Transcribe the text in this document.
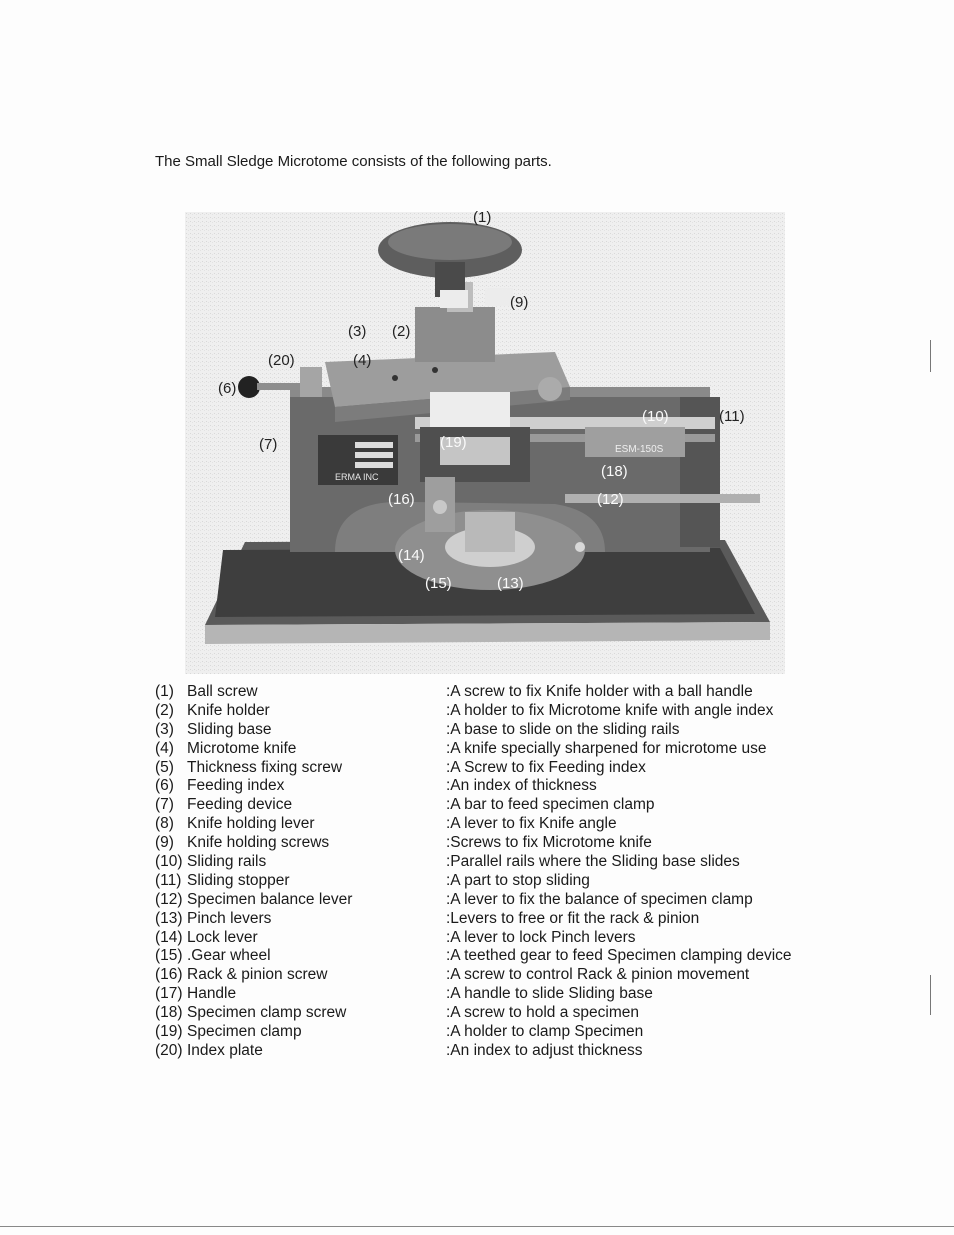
The Small Sledge Microtome consists of the following parts.
ERMA INC
ESM-150S
(1)
(9)
(3) (2)
(20)	(4)
(6)
(10)	(11)
(7)	(19)
(18)
(16)	(12)
(14)
(15)	(13)
(1) Ball screw	:A screw to fix Knife holder with a ball handle
(2) Knife holder	:A holder to fix Microtome knife with angle index
(3) Sliding base	:A base to slide on the sliding rails
(4) Microtome knife	:A knife specially sharpened for microtome use
(5) Thickness fixing screw	:A Screw to fix Feeding index
(6) Feeding index	:An index of thickness
(7) Feeding device	:A bar to feed specimen clamp
(8) Knife holding lever	:A lever to fix Knife angle
(9) Knife holding screws	:Screws to fix Microtome knife
(10) Sliding rails	:Parallel rails where the Sliding base slides
(11) Sliding stopper	:A part to stop sliding
(12) Specimen balance lever	:A lever to fix the balance of specimen clamp
(13) Pinch levers	:Levers to free or fit the rack & pinion
(14) Lock lever	:A lever to lock Pinch levers
(15) .Gear wheel	:A teethed gear to feed Specimen clamping device
(16) Rack & pinion screw	:A screw to control Rack & pinion movement
(17) Handle	:A handle to slide Sliding base
(18) Specimen clamp screw	:A screw to hold a specimen
(19) Specimen clamp	:A holder to clamp Specimen
(20) Index plate	:An index to adjust thickness
